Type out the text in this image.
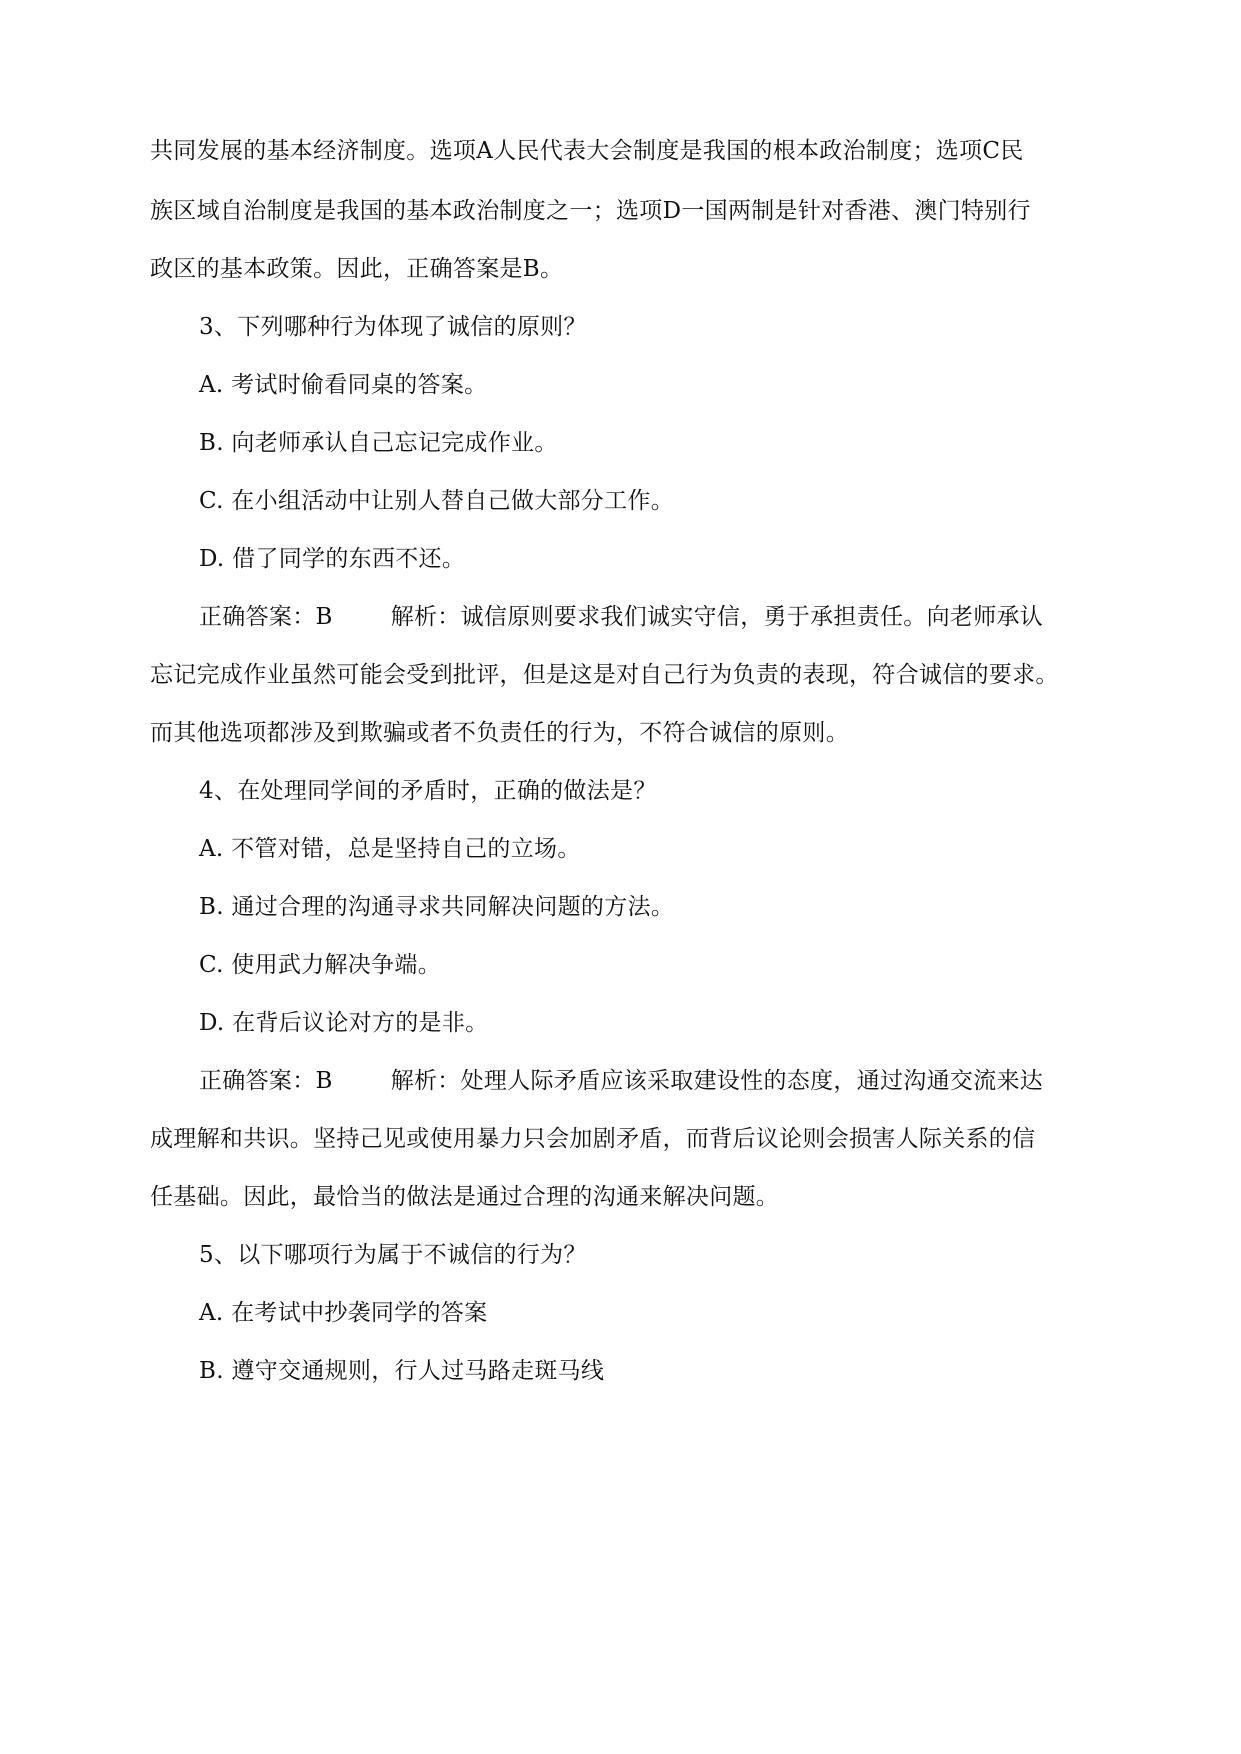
共同发展的基本经济制度。选项A人民代表大会制度是我国的根本政治制度；选项C民
族区域自治制度是我国的基本政治制度之一；选项D一国两制是针对香港、澳门特别行
政区的基本政策。因此，正确答案是B。
3、下列哪种行为体现了诚信的原则？
A. 考试时偷看同桌的答案。
B. 向老师承认自己忘记完成作业。
C. 在小组活动中让别人替自己做大部分工作。
D. 借了同学的东西不还。
正确答案：B	解析：诚信原则要求我们诚实守信，勇于承担责任。向老师承认
忘记完成作业虽然可能会受到批评，但是这是对自己行为负责的表现，符合诚信的要求。
而其他选项都涉及到欺骗或者不负责任的行为，不符合诚信的原则。
4、在处理同学间的矛盾时，正确的做法是？
A. 不管对错，总是坚持自己的立场。
B. 通过合理的沟通寻求共同解决问题的方法。
C. 使用武力解决争端。
D. 在背后议论对方的是非。
正确答案：B	解析：处理人际矛盾应该采取建设性的态度，通过沟通交流来达
成理解和共识。坚持己见或使用暴力只会加剧矛盾，而背后议论则会损害人际关系的信
任基础。因此，最恰当的做法是通过合理的沟通来解决问题。
5、以下哪项行为属于不诚信的行为？
A. 在考试中抄袭同学的答案
B. 遵守交通规则，行人过马路走斑马线
